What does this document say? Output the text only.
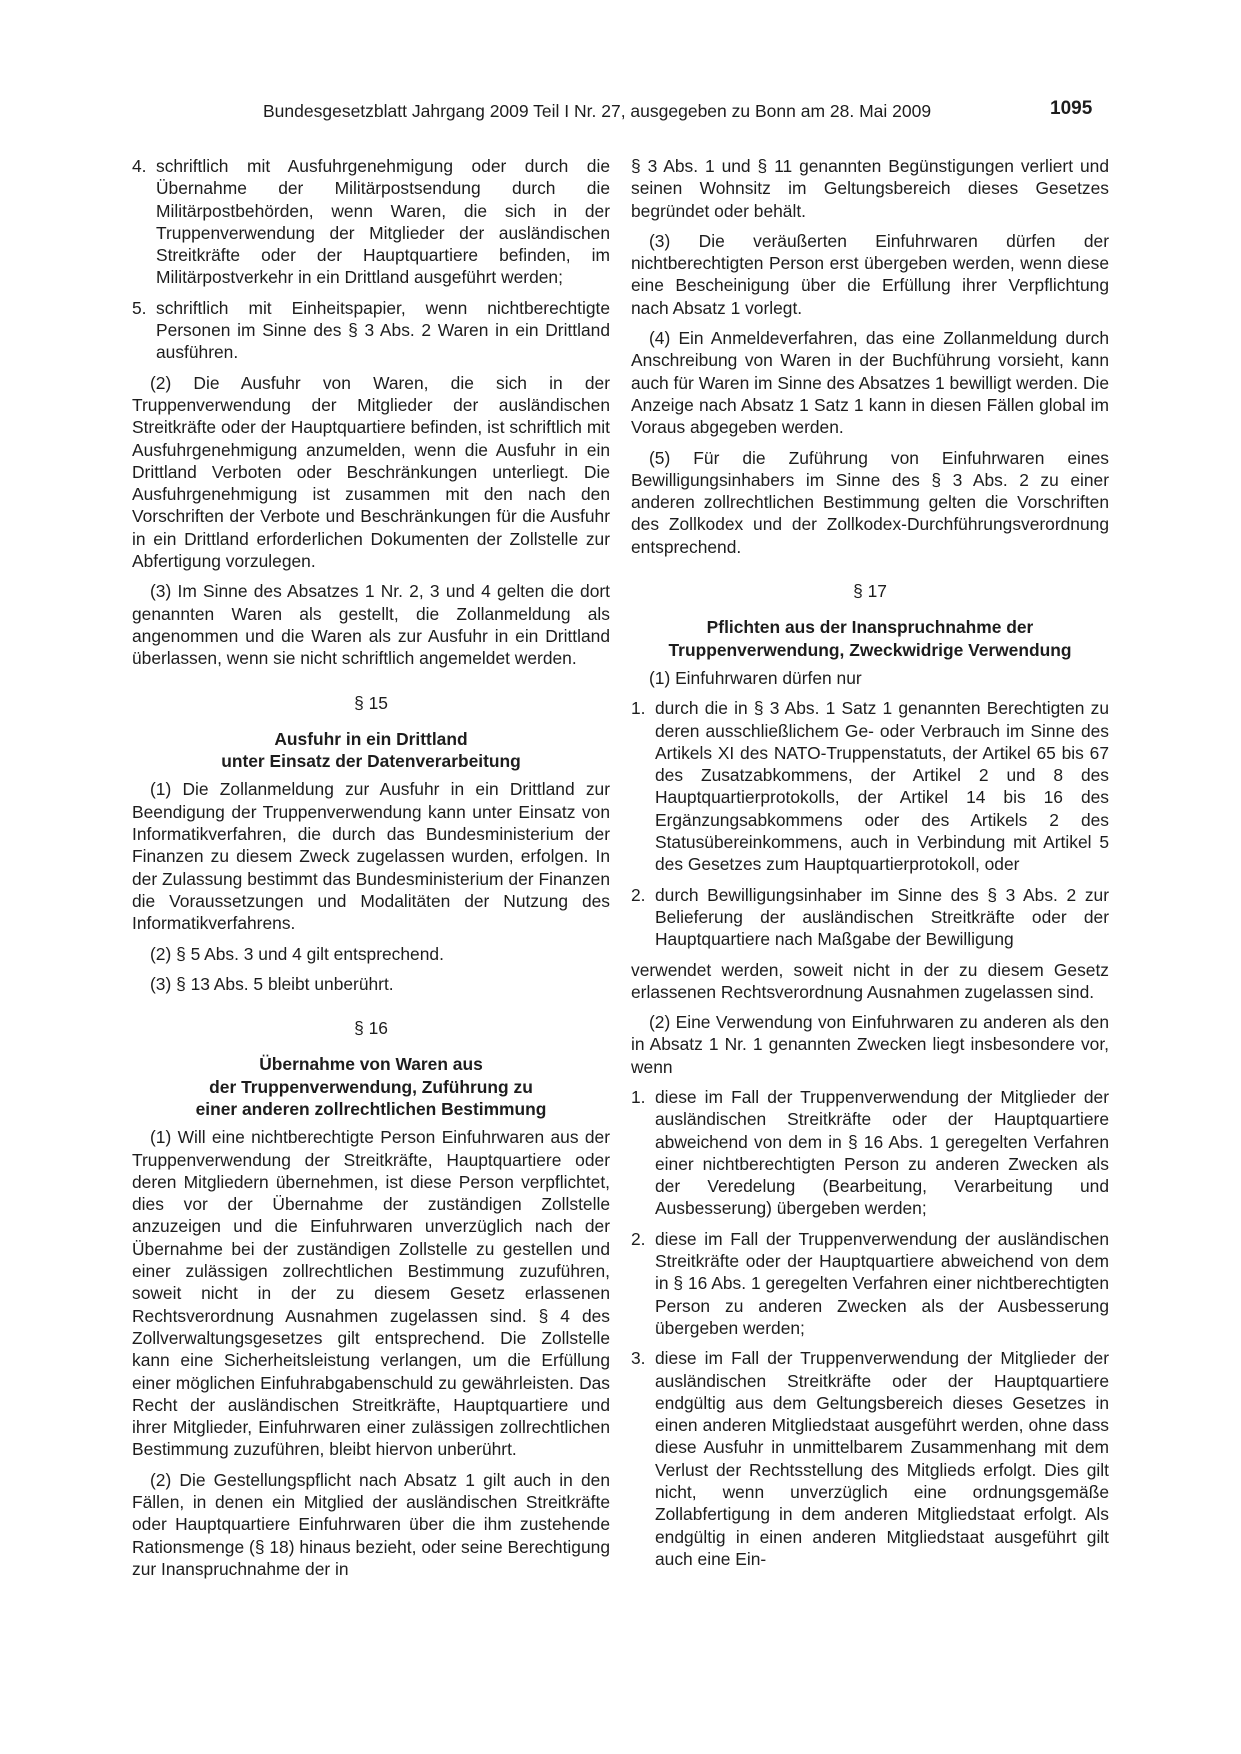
Bundesgesetzblatt Jahrgang 2009 Teil I Nr. 27, ausgegeben zu Bonn am 28. Mai 2009	1095
4. schriftlich mit Ausfuhrgenehmigung oder durch die Übernahme der Militärpostsendung durch die Militärpostbehörden, wenn Waren, die sich in der Truppenverwendung der Mitglieder der ausländischen Streitkräfte oder der Hauptquartiere befinden, im Militärpostverkehr in ein Drittland ausgeführt werden;
5. schriftlich mit Einheitspapier, wenn nichtberechtigte Personen im Sinne des § 3 Abs. 2 Waren in ein Drittland ausführen.

(2) Die Ausfuhr von Waren, die sich in der Truppenverwendung der Mitglieder der ausländischen Streitkräfte oder der Hauptquartiere befinden, ist schriftlich mit Ausfuhrgenehmigung anzumelden, wenn die Ausfuhr in ein Drittland Verboten oder Beschränkungen unterliegt. Die Ausfuhrgenehmigung ist zusammen mit den nach den Vorschriften der Verbote und Beschränkungen für die Ausfuhr in ein Drittland erforderlichen Dokumenten der Zollstelle zur Abfertigung vorzulegen.

(3) Im Sinne des Absatzes 1 Nr. 2, 3 und 4 gelten die dort genannten Waren als gestellt, die Zollanmeldung als angenommen und die Waren als zur Ausfuhr in ein Drittland überlassen, wenn sie nicht schriftlich angemeldet werden.

§ 15
Ausfuhr in ein Drittland
unter Einsatz der Datenverarbeitung

(1) Die Zollanmeldung zur Ausfuhr in ein Drittland zur Beendigung der Truppenverwendung kann unter Einsatz von Informatikverfahren, die durch das Bundesministerium der Finanzen zu diesem Zweck zugelassen wurden, erfolgen. In der Zulassung bestimmt das Bundesministerium der Finanzen die Voraussetzungen und Modalitäten der Nutzung des Informatikverfahrens.

(2) § 5 Abs. 3 und 4 gilt entsprechend.

(3) § 13 Abs. 5 bleibt unberührt.

§ 16
Übernahme von Waren aus
der Truppenverwendung, Zuführung zu
einer anderen zollrechtlichen Bestimmung

(1) Will eine nichtberechtigte Person Einfuhrwaren aus der Truppenverwendung der Streitkräfte, Hauptquartiere oder deren Mitgliedern übernehmen, ist diese Person verpflichtet, dies vor der Übernahme der zuständigen Zollstelle anzuzeigen und die Einfuhrwaren unverzüglich nach der Übernahme bei der zuständigen Zollstelle zu gestellen und einer zulässigen zollrechtlichen Bestimmung zuzuführen, soweit nicht in der zu diesem Gesetz erlassenen Rechtsverordnung Ausnahmen zugelassen sind. § 4 des Zollverwaltungsgesetzes gilt entsprechend. Die Zollstelle kann eine Sicherheitsleistung verlangen, um die Erfüllung einer möglichen Einfuhrabgabenschuld zu gewährleisten. Das Recht der ausländischen Streitkräfte, Hauptquartiere und ihrer Mitglieder, Einfuhrwaren einer zulässigen zollrechtlichen Bestimmung zuzuführen, bleibt hiervon unberührt.

(2) Die Gestellungspflicht nach Absatz 1 gilt auch in den Fällen, in denen ein Mitglied der ausländischen Streitkräfte oder Hauptquartiere Einfuhrwaren über die ihm zustehende Rationsmenge (§ 18) hinaus bezieht, oder seine Berechtigung zur Inanspruchnahme der in

§ 3 Abs. 1 und § 11 genannten Begünstigungen verliert und seinen Wohnsitz im Geltungsbereich dieses Gesetzes begründet oder behält.

(3) Die veräußerten Einfuhrwaren dürfen der nichtberechtigten Person erst übergeben werden, wenn diese eine Bescheinigung über die Erfüllung ihrer Verpflichtung nach Absatz 1 vorlegt.

(4) Ein Anmeldeverfahren, das eine Zollanmeldung durch Anschreibung von Waren in der Buchführung vorsieht, kann auch für Waren im Sinne des Absatzes 1 bewilligt werden. Die Anzeige nach Absatz 1 Satz 1 kann in diesen Fällen global im Voraus abgegeben werden.

(5) Für die Zuführung von Einfuhrwaren eines Bewilligungsinhabers im Sinne des § 3 Abs. 2 zu einer anderen zollrechtlichen Bestimmung gelten die Vorschriften des Zollkodex und der Zollkodex-Durchführungsverordnung entsprechend.

§ 17
Pflichten aus der Inanspruchnahme der
Truppenverwendung, Zweckwidrige Verwendung

(1) Einfuhrwaren dürfen nur

1. durch die in § 3 Abs. 1 Satz 1 genannten Berechtigten zu deren ausschließlichem Ge- oder Verbrauch im Sinne des Artikels XI des NATO-Truppenstatuts, der Artikel 65 bis 67 des Zusatzabkommens, der Artikel 2 und 8 des Hauptquartierprotokolls, der Artikel 14 bis 16 des Ergänzungsabkommens oder des Artikels 2 des Statusübereinkommens, auch in Verbindung mit Artikel 5 des Gesetzes zum Hauptquartierprotokoll, oder
2. durch Bewilligungsinhaber im Sinne des § 3 Abs. 2 zur Belieferung der ausländischen Streitkräfte oder der Hauptquartiere nach Maßgabe der Bewilligung

verwendet werden, soweit nicht in der zu diesem Gesetz erlassenen Rechtsverordnung Ausnahmen zugelassen sind.

(2) Eine Verwendung von Einfuhrwaren zu anderen als den in Absatz 1 Nr. 1 genannten Zwecken liegt insbesondere vor, wenn

1. diese im Fall der Truppenverwendung der Mitglieder der ausländischen Streitkräfte oder der Hauptquartiere abweichend von dem in § 16 Abs. 1 geregelten Verfahren einer nichtberechtigten Person zu anderen Zwecken als der Veredelung (Bearbeitung, Verarbeitung und Ausbesserung) übergeben werden;
2. diese im Fall der Truppenverwendung der ausländischen Streitkräfte oder der Hauptquartiere abweichend von dem in § 16 Abs. 1 geregelten Verfahren einer nichtberechtigten Person zu anderen Zwecken als der Ausbesserung übergeben werden;
3. diese im Fall der Truppenverwendung der Mitglieder der ausländischen Streitkräfte oder der Hauptquartiere endgültig aus dem Geltungsbereich dieses Gesetzes in einen anderen Mitgliedstaat ausgeführt werden, ohne dass diese Ausfuhr in unmittelbarem Zusammenhang mit dem Verlust der Rechtsstellung des Mitglieds erfolgt. Dies gilt nicht, wenn unverzüglich eine ordnungsgemäße Zollabfertigung in dem anderen Mitgliedstaat erfolgt. Als endgültig in einen anderen Mitgliedstaat ausgeführt gilt auch eine Ein-
